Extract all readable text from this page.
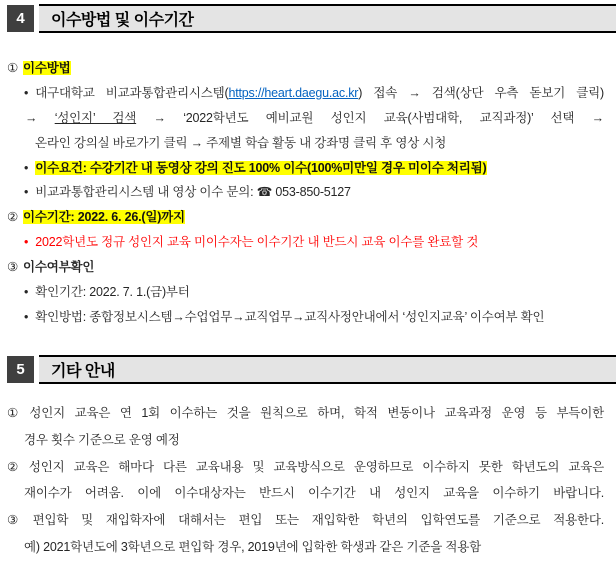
4	이수방법 및 이수기간
① 이수방법
• 대구대학교 비교과통합관리시스템(https://heart.daegu.ac.kr) 접속 → 검색(상단 우측 돋보기 클릭)
→ ‘성인지’ 검색 → ‘2022학년도 예비교원 성인지 교육(사범대학, 교직과정)’ 선택 →
온라인 강의실 바로가기 클릭 → 주제별 학습 활동 내 강좌명 클릭 후 영상 시청
• 이수요건: 수강기간 내 동영상 강의 진도 100% 이수(100%미만일 경우 미이수 처리됨)
• 비교과통합관리시스템 내 영상 이수 문의: ☎ 053-850-5127
② 이수기간: 2022. 6. 26.(일)까지
• 2022학년도 정규 성인지 교육 미이수자는 이수기간 내 반드시 교육 이수를 완료할 것
③ 이수여부확인
• 확인기간: 2022. 7. 1.(금)부터
• 확인방법: 종합정보시스템→수업업무→교직업무→교직사정안내에서 ‘성인지교육’ 이수여부 확인
5	기타 안내
① 성인지 교육은 연 1회 이수하는 것을 원칙으로 하며, 학적 변동이나 교육과정 운영 등 부득이한
경우 횟수 기준으로 운영 예정
② 성인지 교육은 해마다 다른 교육내용 및 교육방식으로 운영하므로 이수하지 못한 학년도의 교육은
재이수가 어려움. 이에 이수대상자는 반드시 이수기간 내 성인지 교육을 이수하기 바랍니다.
③ 편입학 및 재입학자에 대해서는 편입 또는 재입학한 학년의 입학연도를 기준으로 적용한다.
예) 2021학년도에 3학년으로 편입학 경우, 2019년에 입학한 학생과 같은 기준을 적용함
